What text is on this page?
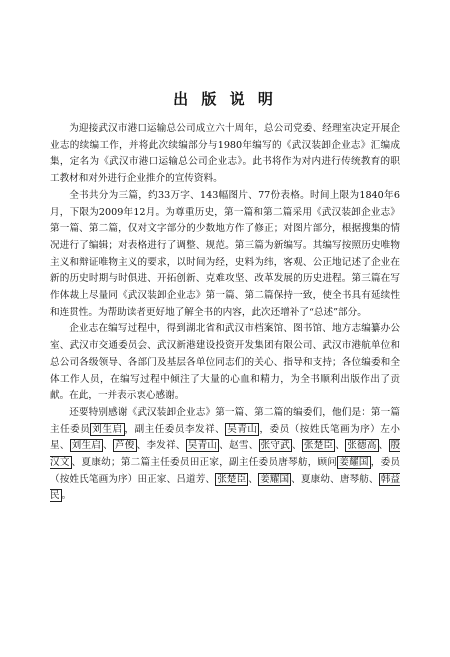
出 版 说 明

为迎接武汉市港口运输总公司成立六十周年，总公司党委、经理室决定开展企业志的续编工作，并将此次续编部分与1980年编写的《武汉装卸企业志》汇编成集，定名为《武汉市港口运输总公司企业志》。此书将作为对内进行传统教育的职工教材和对外进行企业推介的宣传资料。

全书共分为三篇，约33万字、143幅图片、77份表格。时间上限为1840年6月，下限为2009年12月。为尊重历史，第一篇和第二篇采用《武汉装卸企业志》第一篇、第二篇，仅对文字部分的少数地方作了修正；对图片部分，根据搜集的情况进行了编辑；对表格进行了调整、规范。第三篇为新编写。其编写按照历史唯物主义和辩证唯物主义的要求，以时间为经，史料为纬，客观、公正地记述了企业在新的历史时期与时俱进、开拓创新、克难攻坚、改革发展的历史进程。第三篇在写作体裁上尽量同《武汉装卸企业志》第一篇、第二篇保持一致，使全书具有延续性和连贯性。为帮助读者更好地了解全书的内容，此次还增补了“总述”部分。

企业志在编写过程中，得到湖北省和武汉市档案馆、图书馆、地方志编纂办公室、武汉市交通委员会、武汉新港建设投资开发集团有限公司、武汉市港航单位和总公司各级领导、各部门及基层各单位同志们的关心、指导和支持；各位编委和全体工作人员，在编写过程中倾注了大量的心血和精力，为全书顺利出版作出了贡献。在此，一并表示衷心感谢。

还要特别感谢《武汉装卸企业志》第一篇、第二篇的编委们，他们是：第一篇主任委员 刘生启 ，副主任委员李发祥、 吴青山 ，委员（按姓氏笔画为序）左小星、 刘生启 、 芦俊 、李发祥、 吴青山 、赵雪、 张守武 、 张楚臣 、 张德高 、 殷汉文 、夏康幼；第二篇主任委员田正家，副主任委员唐琴舫，顾问 姜耀国 ，委员（按姓氏笔画为序）田正家、吕道芳、 张楚臣 、 姜耀国 、夏康幼、唐琴舫、 韩益民 。
